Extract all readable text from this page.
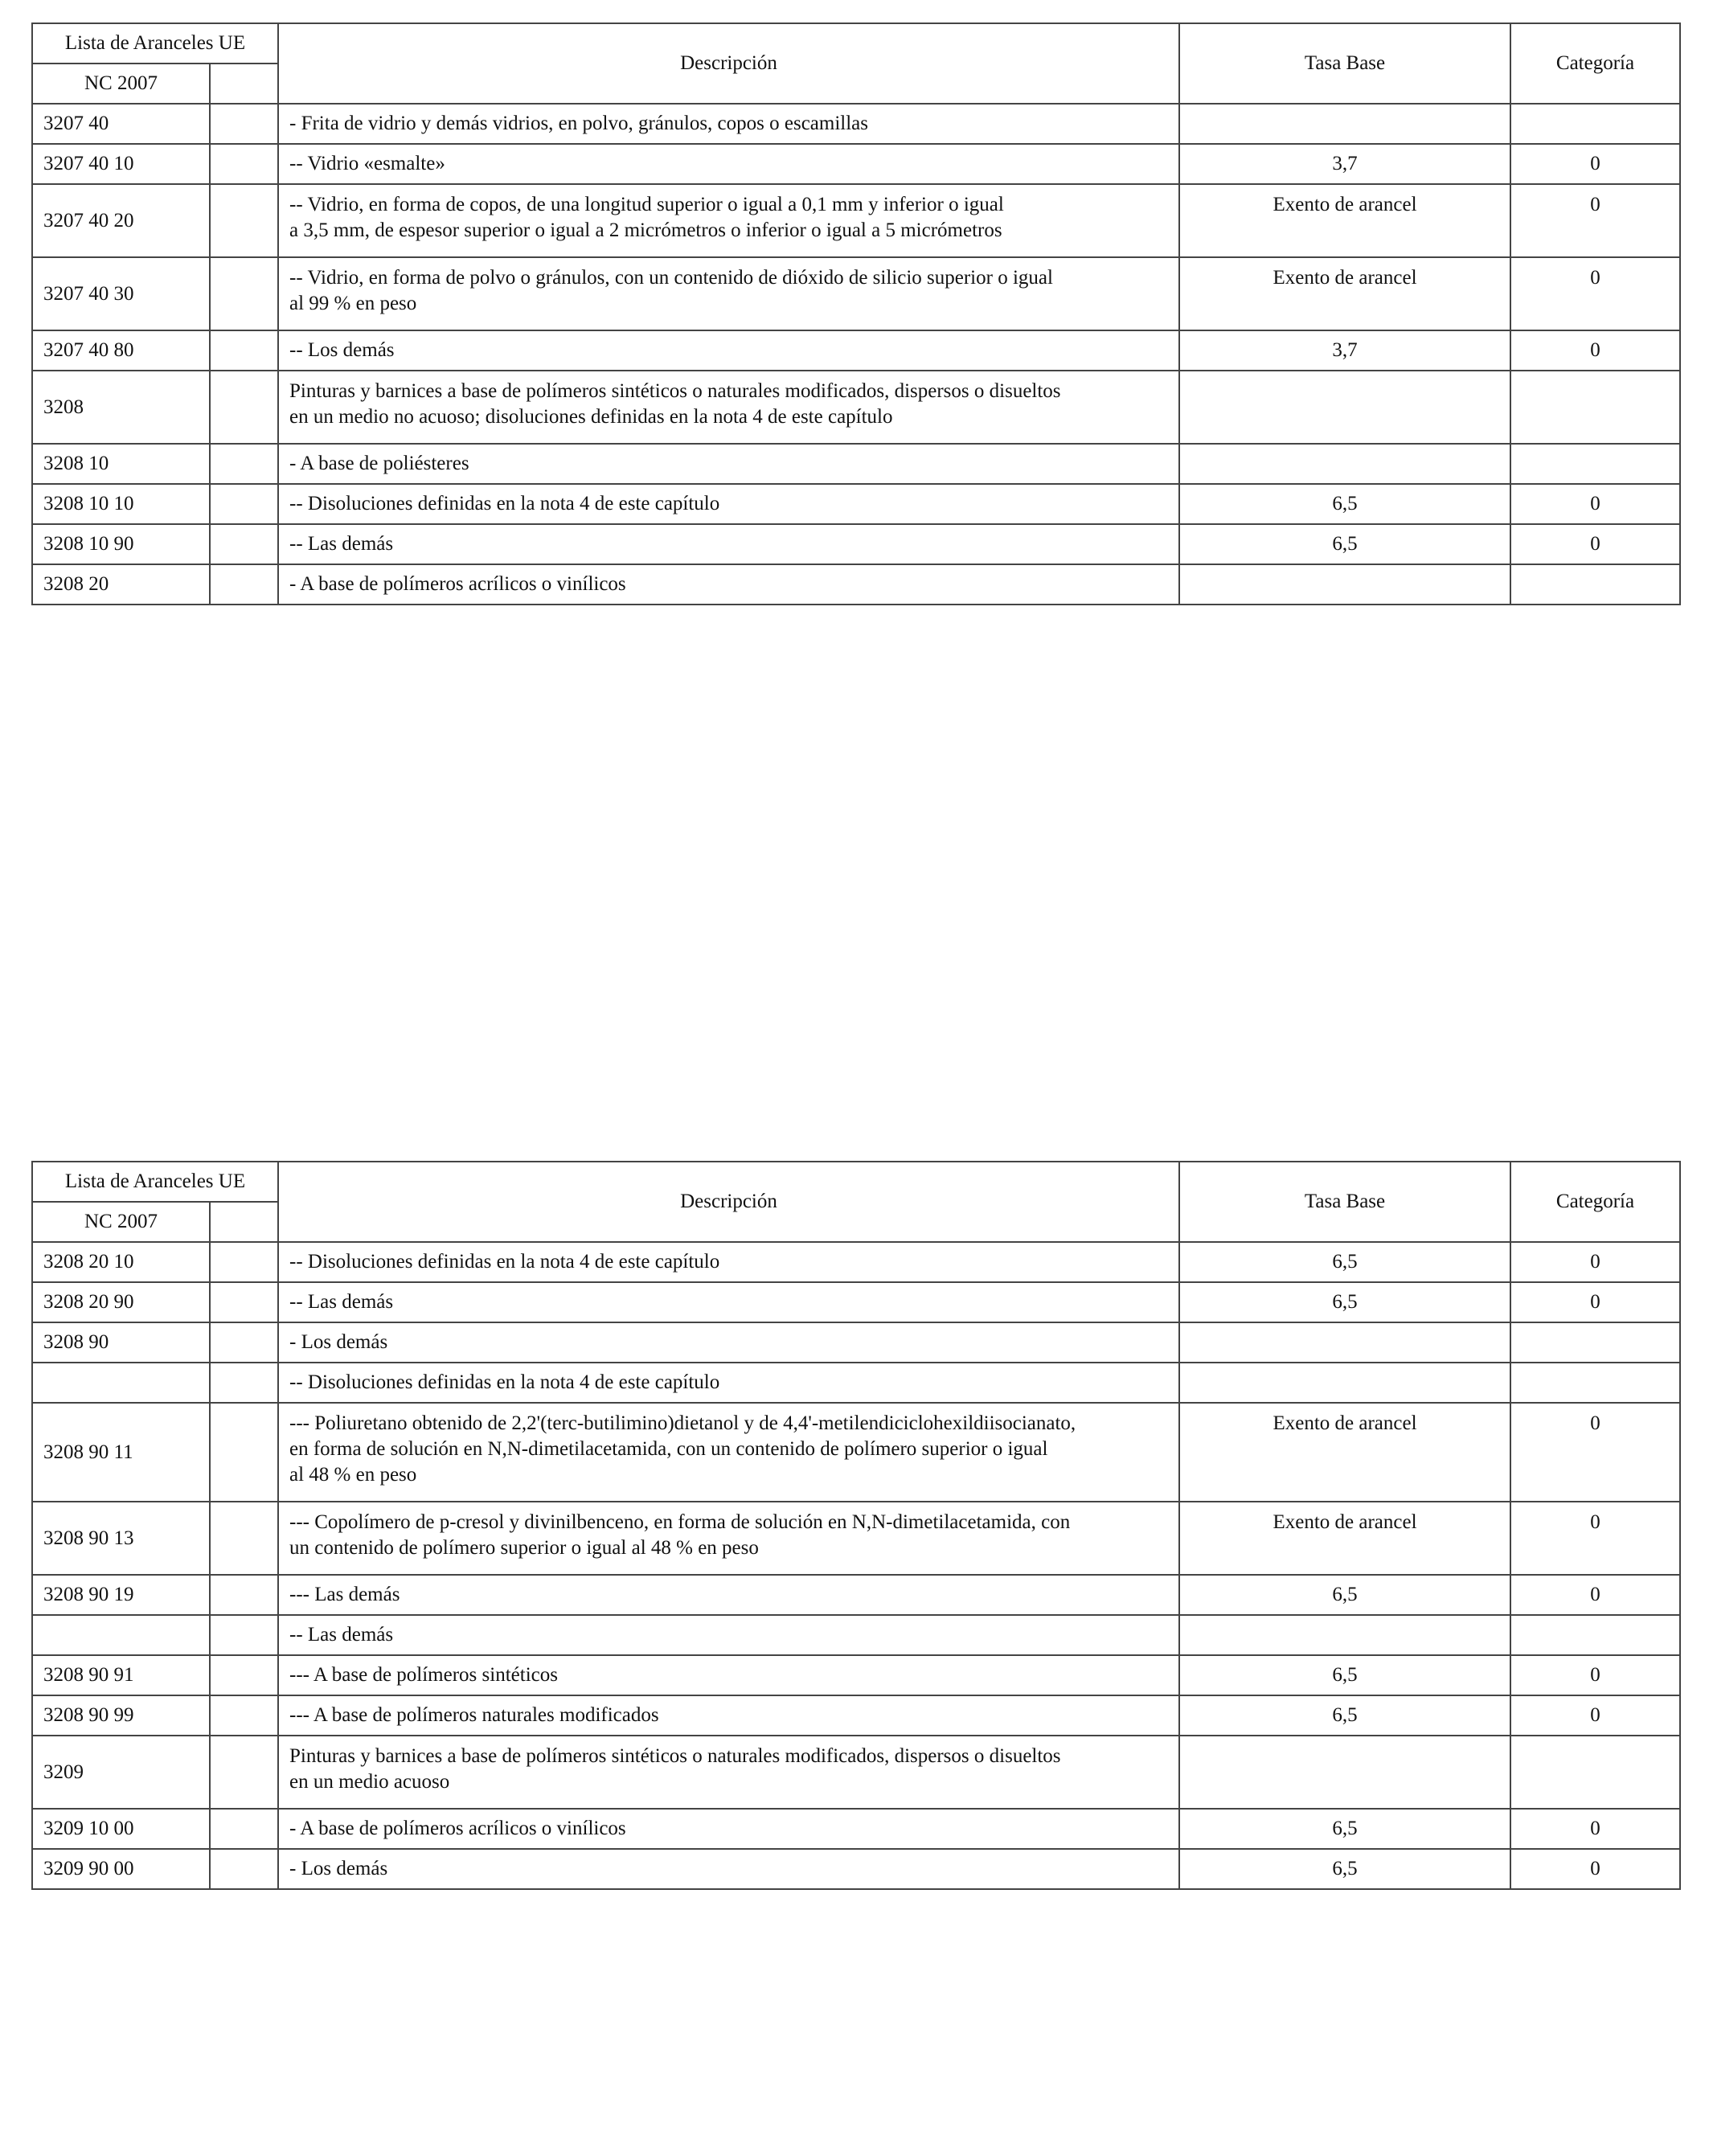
Lista de Aranceles UE		Descripción	Tasa Base	Categoría
NC 2007				
3207 40		- Frita de vidrio y demás vidrios, en polvo, gránulos, copos o escamillas		
3207 40 10		-- Vidrio «esmalte»	3,7	0
3207 40 20		-- Vidrio, en forma de copos, de una longitud superior o igual a 0,1 mm y inferior o igual
a 3,5 mm, de espesor superior o igual a 2 micrómetros o inferior o igual a 5 micrómetros	Exento de arancel	0
3207 40 30		-- Vidrio, en forma de polvo o gránulos, con un contenido de dióxido de silicio superior o igual
al 99 % en peso	Exento de arancel	0
3207 40 80		-- Los demás	3,7	0
3208		Pinturas y barnices a base de polímeros sintéticos o naturales modificados, dispersos o disueltos
en un medio no acuoso; disoluciones definidas en la nota 4 de este capítulo		
3208 10		- A base de poliésteres		
3208 10 10		-- Disoluciones definidas en la nota 4 de este capítulo	6,5	0
3208 10 90		-- Las demás	6,5	0
3208 20		- A base de polímeros acrílicos o vinílicos		
Lista de Aranceles UE		Descripción	Tasa Base	Categoría
NC 2007				
3208 20 10		-- Disoluciones definidas en la nota 4 de este capítulo	6,5	0
3208 20 90		-- Las demás	6,5	0
3208 90		- Los demás		
		-- Disoluciones definidas en la nota 4 de este capítulo		
3208 90 11		--- Poliuretano obtenido de 2,2'(terc-butilimino)dietanol y de 4,4'-metilendiciclohexildiisocianato,
en forma de solución en N,N-dimetilacetamida, con un contenido de polímero superior o igual
al 48 % en peso	Exento de arancel	0
3208 90 13		--- Copolímero de p-cresol y divinilbenceno, en forma de solución en N,N-dimetilacetamida, con
un contenido de polímero superior o igual al 48 % en peso	Exento de arancel	0
3208 90 19		--- Las demás	6,5	0
		-- Las demás		
3208 90 91		--- A base de polímeros sintéticos	6,5	0
3208 90 99		--- A base de polímeros naturales modificados	6,5	0
3209		Pinturas y barnices a base de polímeros sintéticos o naturales modificados, dispersos o disueltos
en un medio acuoso		
3209 10 00		- A base de polímeros acrílicos o vinílicos	6,5	0
3209 90 00		- Los demás	6,5	0
